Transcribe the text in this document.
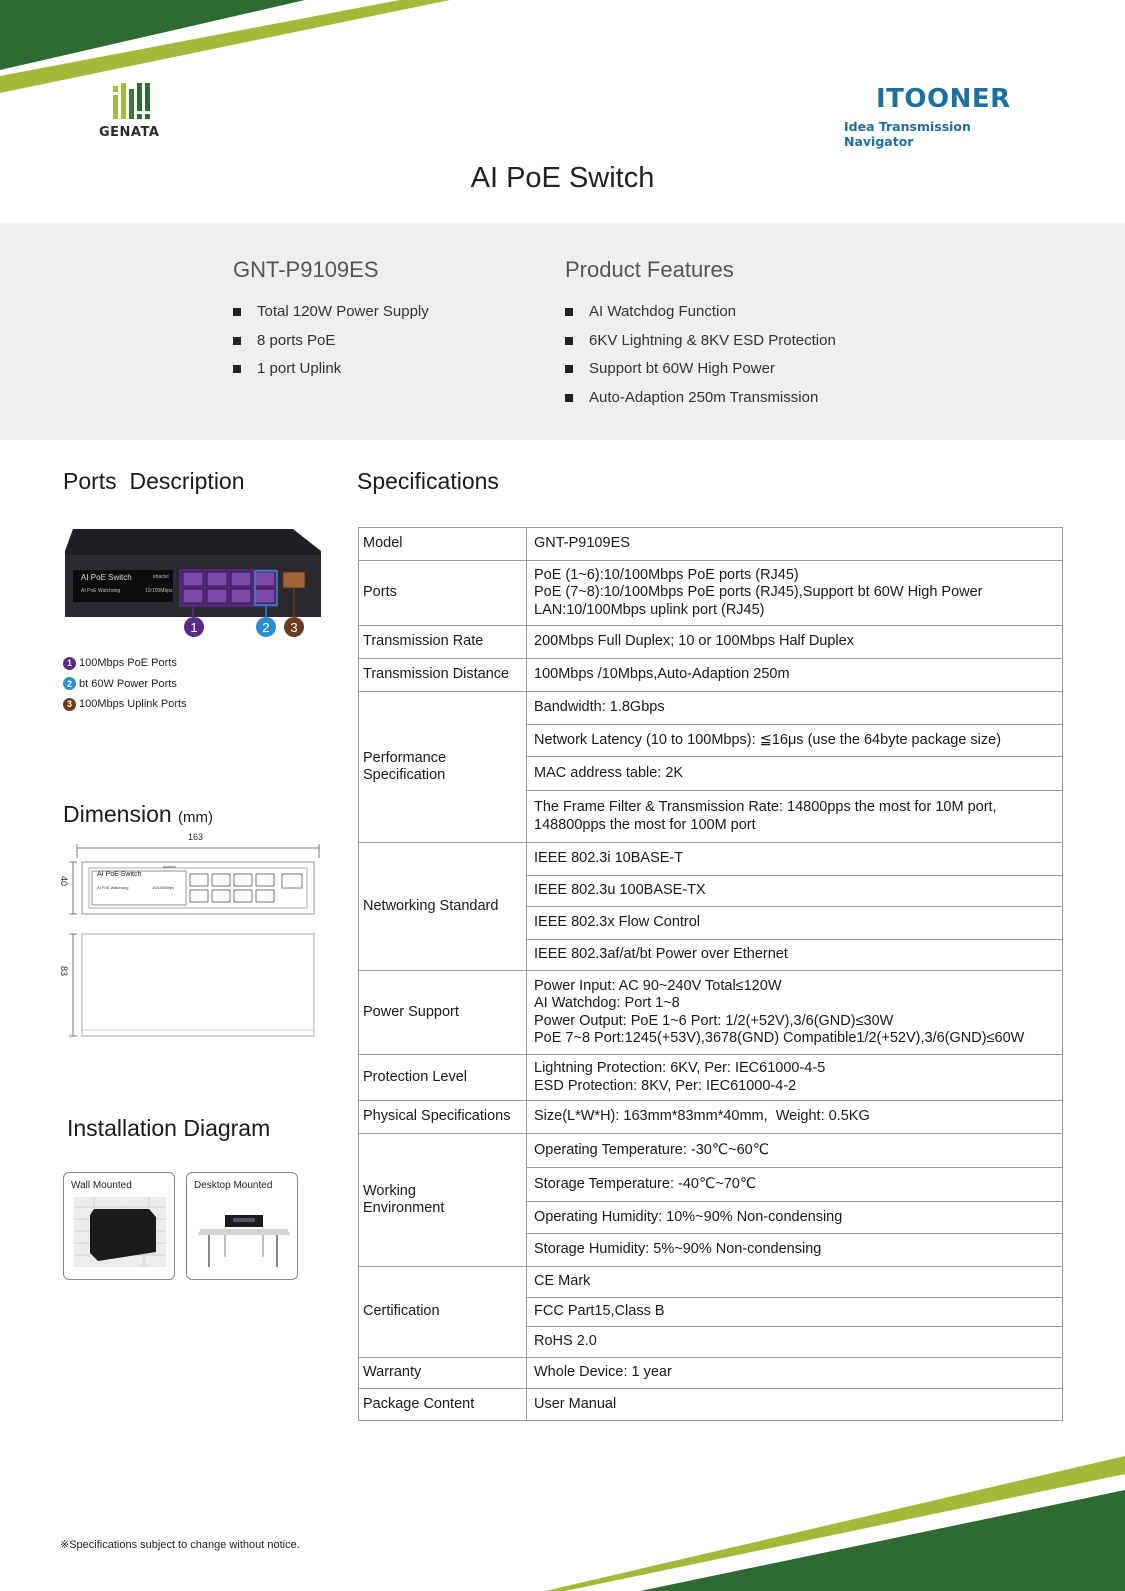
GENATA
ITOONER
Idea Transmission Navigator
AI PoE Switch
GNT-P9109ES
Total 120W Power Supply
8 ports PoE
1 port Uplink
Product Features
AI Watchdog Function
6KV Lightning & 8KV ESD Protection
Support bt 60W High Power
Auto-Adaption 250m Transmission
Ports  Description
AI PoE Switch
AI PoE Watchdog	10/100Mbps
ebaclvi
1	2	3
1 100Mbps PoE Ports
2 bt 60W Power Ports
3 100Mbps Uplink Ports
Dimension (mm)
163
40
83
AI PoE Switch
AI PoE Watchdog	10/100Mbps
ebaclvi
Installation Diagram
Wall Mounted	Desktop Mounted
Specifications
Model	GNT-P9109ES
Ports	PoE (1~6):10/100Mbps PoE ports (RJ45)
PoE (7~8):10/100Mbps PoE ports (RJ45),Support bt 60W High Power
LAN:10/100Mbps uplink port (RJ45)
Transmission Rate	200Mbps Full Duplex; 10 or 100Mbps Half Duplex
Transmission Distance	100Mbps /10Mbps,Auto-Adaption 250m
Performance
Specification	Bandwidth: 1.8Gbps
	Network Latency (10 to 100Mbps): ≦16μs (use the 64byte package size)
	MAC address table: 2K
	The Frame Filter & Transmission Rate: 14800pps the most for 10M port,
148800pps the most for 100M port
Networking Standard	IEEE 802.3i 10BASE-T
	IEEE 802.3u 100BASE-TX
	IEEE 802.3x Flow Control
	IEEE 802.3af/at/bt Power over Ethernet
Power Support	Power Input: AC 90~240V Total≤120W
AI Watchdog: Port 1~8
Power Output: PoE 1~6 Port: 1/2(+52V),3/6(GND)≤30W
PoE 7~8 Port:1245(+53V),3678(GND) Compatible1/2(+52V),3/6(GND)≤60W
Protection Level	Lightning Protection: 6KV, Per: IEC61000-4-5
ESD Protection: 8KV, Per: IEC61000-4-2
Physical Specifications	Size(L*W*H): 163mm*83mm*40mm,  Weight: 0.5KG
Working
Environment	Operating Temperature: -30℃~60℃
	Storage Temperature: -40℃~70℃
	Operating Humidity: 10%~90% Non-condensing
	Storage Humidity: 5%~90% Non-condensing
Certification	CE Mark
	FCC Part15,Class B
	RoHS 2.0
Warranty	Whole Device: 1 year
Package Content	User Manual
※Specifications subject to change without notice.
